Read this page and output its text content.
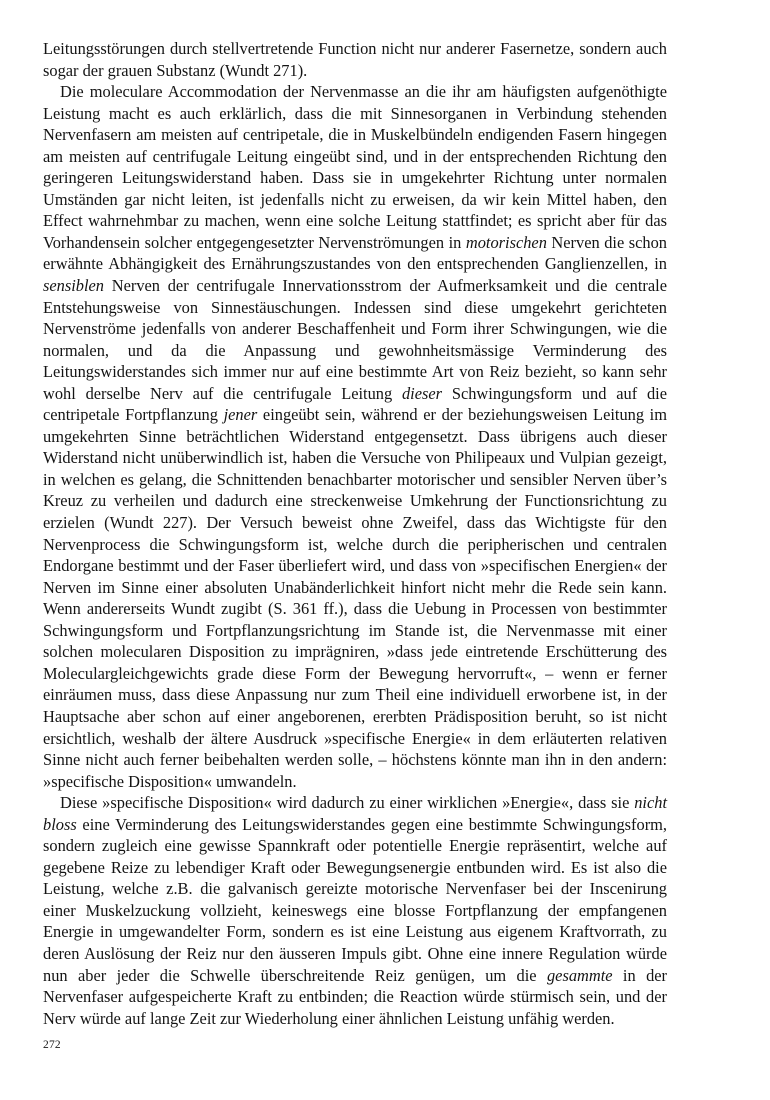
Leitungsstörungen durch stellvertretende Function nicht nur anderer Fasernetze, sondern auch sogar der grauen Substanz (Wundt 271).

Die moleculare Accommodation der Nervenmasse an die ihr am häufigsten aufgenöthigte Leistung macht es auch erklärlich, dass die mit Sinnesorganen in Verbindung stehenden Nervenfasern am meisten auf centripetale, die in Muskelbündeln endigenden Fasern hingegen am meisten auf centrifugale Leitung eingeübt sind, und in der entsprechenden Richtung den geringeren Leitungswiderstand haben. Dass sie in umgekehrter Richtung unter normalen Umständen gar nicht leiten, ist jedenfalls nicht zu erweisen, da wir kein Mittel haben, den Effect wahrnehmbar zu machen, wenn eine solche Leitung stattfindet; es spricht aber für das Vorhandensein solcher entgegengesetzter Nervenströmungen in motorischen Nerven die schon erwähnte Abhängigkeit des Ernährungszustandes von den entsprechenden Ganglienzellen, in sensiblen Nerven der centrifugale Innervationsstrom der Aufmerksamkeit und die centrale Entstehungsweise von Sinnestäuschungen. Indessen sind diese umgekehrt gerichteten Nervenströme jedenfalls von anderer Beschaffenheit und Form ihrer Schwingungen, wie die normalen, und da die Anpassung und gewohnheitsmässige Verminderung des Leitungswiderstandes sich immer nur auf eine bestimmte Art von Reiz bezieht, so kann sehr wohl derselbe Nerv auf die centrifugale Leitung dieser Schwingungsform und auf die centripetale Fortpflanzung jener eingeübt sein, während er der beziehungsweisen Leitung im umgekehrten Sinne beträchtlichen Widerstand entgegensetzt. Dass übrigens auch dieser Widerstand nicht unüberwindlich ist, haben die Versuche von Philipeaux und Vulpian gezeigt, in welchen es gelang, die Schnittenden benachbarter motorischer und sensibler Nerven über’s Kreuz zu verheilen und dadurch eine streckenweise Umkehrung der Functionsrichtung zu erzielen (Wundt 227). Der Versuch beweist ohne Zweifel, dass das Wichtigste für den Nervenprocess die Schwingungsform ist, welche durch die peripherischen und centralen Endorgane bestimmt und der Faser überliefert wird, und dass von »specifischen Energien« der Nerven im Sinne einer absoluten Unabänderlichkeit hinfort nicht mehr die Rede sein kann. Wenn andererseits Wundt zugibt (S. 361 ff.), dass die Uebung in Processen von bestimmter Schwingungsform und Fortpflanzungsrichtung im Stande ist, die Nervenmasse mit einer solchen molecularen Disposition zu imprägniren, »dass jede eintretende Erschütterung des Moleculargleichgewichts grade diese Form der Bewegung hervorruft«, – wenn er ferner einräumen muss, dass diese Anpassung nur zum Theil eine individuell erworbene ist, in der Hauptsache aber schon auf einer angeborenen, ererbten Prädisposition beruht, so ist nicht ersichtlich, weshalb der ältere Ausdruck »specifische Energie« in dem erläuterten relativen Sinne nicht auch ferner beibehalten werden solle, – höchstens könnte man ihn in den andern: »specifische Disposition« umwandeln.

Diese »specifische Disposition« wird dadurch zu einer wirklichen »Energie«, dass sie nicht bloss eine Verminderung des Leitungswiderstandes gegen eine bestimmte Schwingungsform, sondern zugleich eine gewisse Spannkraft oder potentielle Energie repräsentirt, welche auf gegebene Reize zu lebendiger Kraft oder Bewegungsenergie entbunden wird. Es ist also die Leistung, welche z.B. die galvanisch gereizte motorische Nervenfaser bei der Inscenirung einer Muskelzuckung vollzieht, keineswegs eine blosse Fortpflanzung der empfangenen Energie in umgewandelter Form, sondern es ist eine Leistung aus eigenem Kraftvorrath, zu deren Auslösung der Reiz nur den äusseren Impuls gibt. Ohne eine innere Regulation würde nun aber jeder die Schwelle überschreitende Reiz genügen, um die gesammte in der Nervenfaser aufgespeicherte Kraft zu entbinden; die Reaction würde stürmisch sein, und der Nerv würde auf lange Zeit zur Wiederholung einer ähnlichen Leistung unfähig werden.

272
